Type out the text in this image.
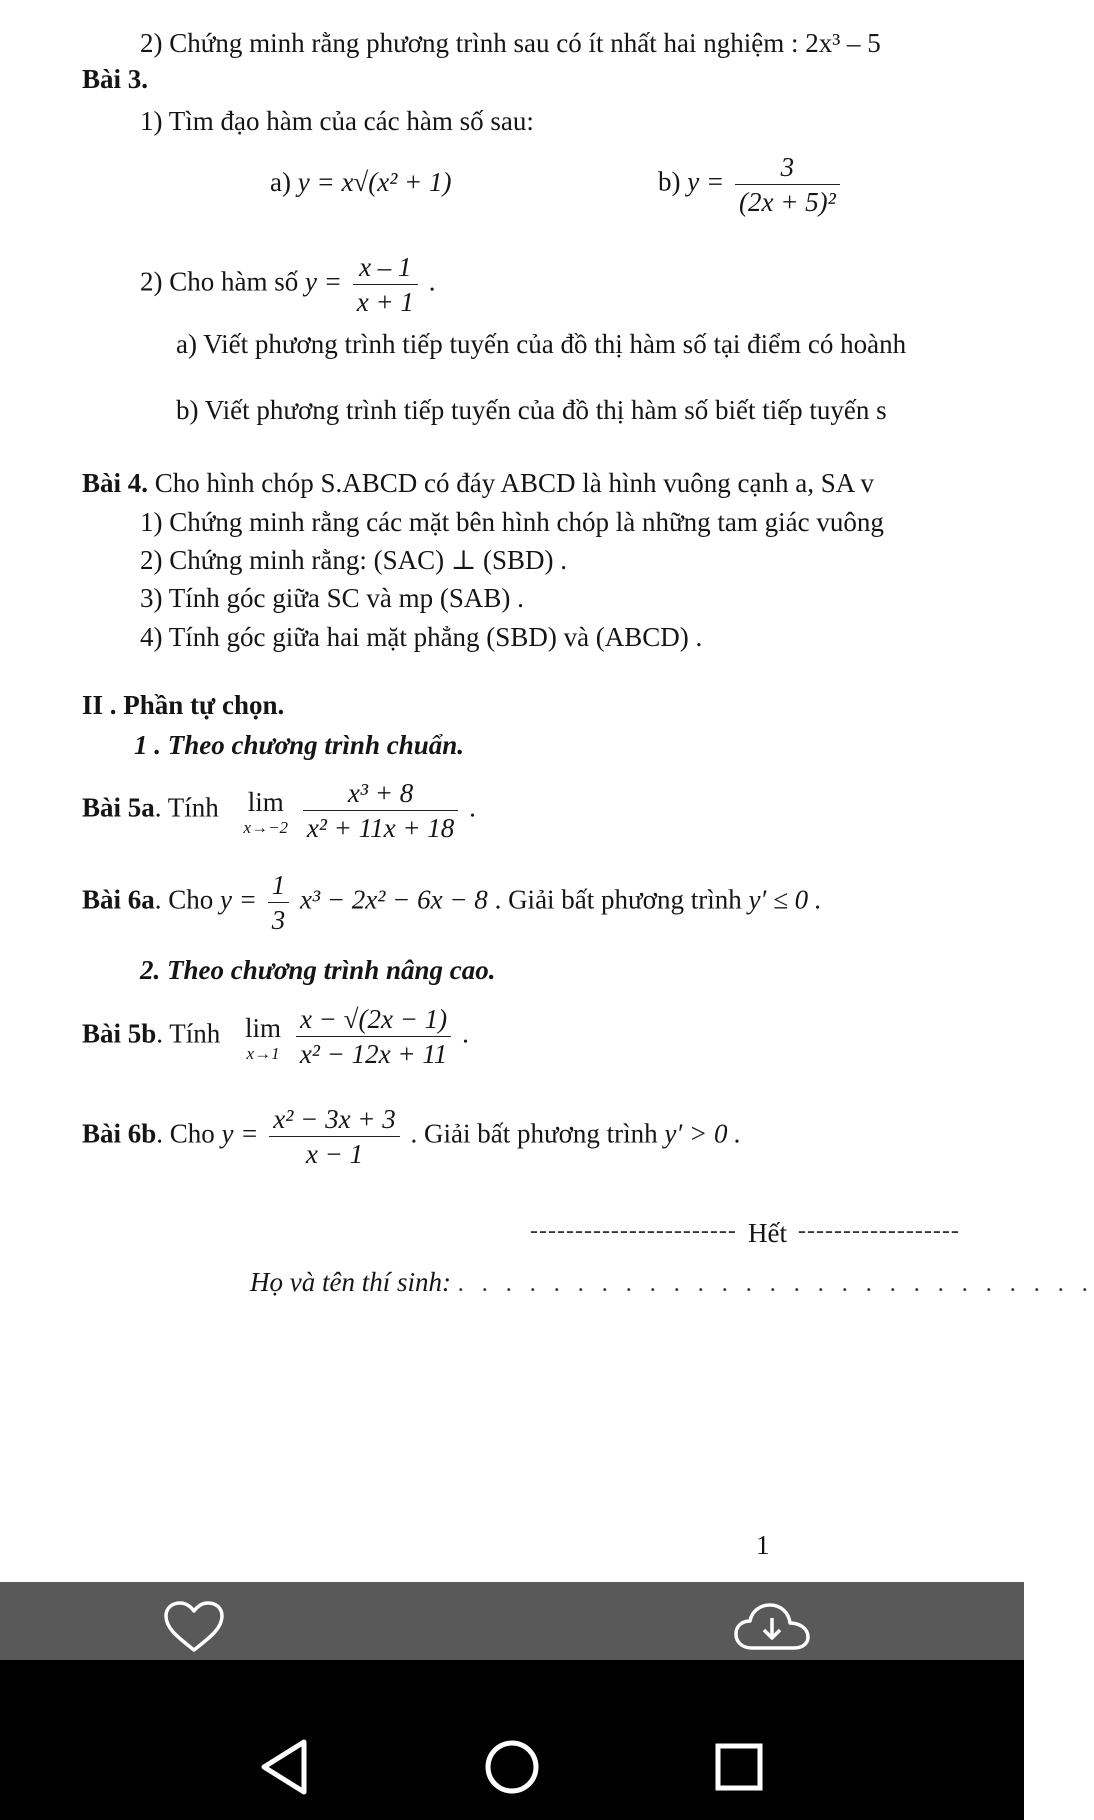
2) Chứng minh rằng phương trình sau có ít nhất hai nghiệm : 2x³ – 5
Bài 3.
1) Tìm đạo hàm của các hàm số sau:
a) y = x√(x² + 1)	b) $y = \frac{3}{\text{(2x + 5)²}}$
2) Cho hàm số $y = \frac{x - 1}{x + 1}$ .
a) Viết phương trình tiếp tuyến của đồ thị hàm số tại điểm có hoành
b) Viết phương trình tiếp tuyến của đồ thị hàm số biết tiếp tuyến s
Bài 4. Cho hình chóp S.ABCD có đáy ABCD là hình vuông cạnh a, SA v
1) Chứng minh rằng các mặt bên hình chóp là những tam giác vuông
2) Chứng minh rằng: (SAC) ⊥ (SBD) .
3) Tính góc giữa SC và mp (SAB) .
4) Tính góc giữa hai mặt phẳng (SBD) và (ABCD) .
II . Phần tự chọn.
1 . Theo chương trình chuẩn.
Bài 5a. Tính lim
x→−2
$\frac{\text{x³ + 8}}{\text{x² + 11x + 18}}$ .
Bài 6a. Cho $y = \frac{1}{3} x^3 - 2x^2 - 6x - 8$ . Giải bất phương trình y′ ≤ 0 .
2. Theo chương trình nâng cao.
Bài 5b. Tính lim
x→1
$\frac{x - √(2x - 1)}{\text{x² − 12x + 11}}$ .
Bài 6b. Cho $y = \frac{\text{x² − 3x + 3}}{x - 1}$ . Giải bất phương trình y′ > 0 .
----------------------- Hết ------------------
Họ và tên thí sinh: . . . . . . . . . . . . . . . . . . . . . . . . . . .
1
